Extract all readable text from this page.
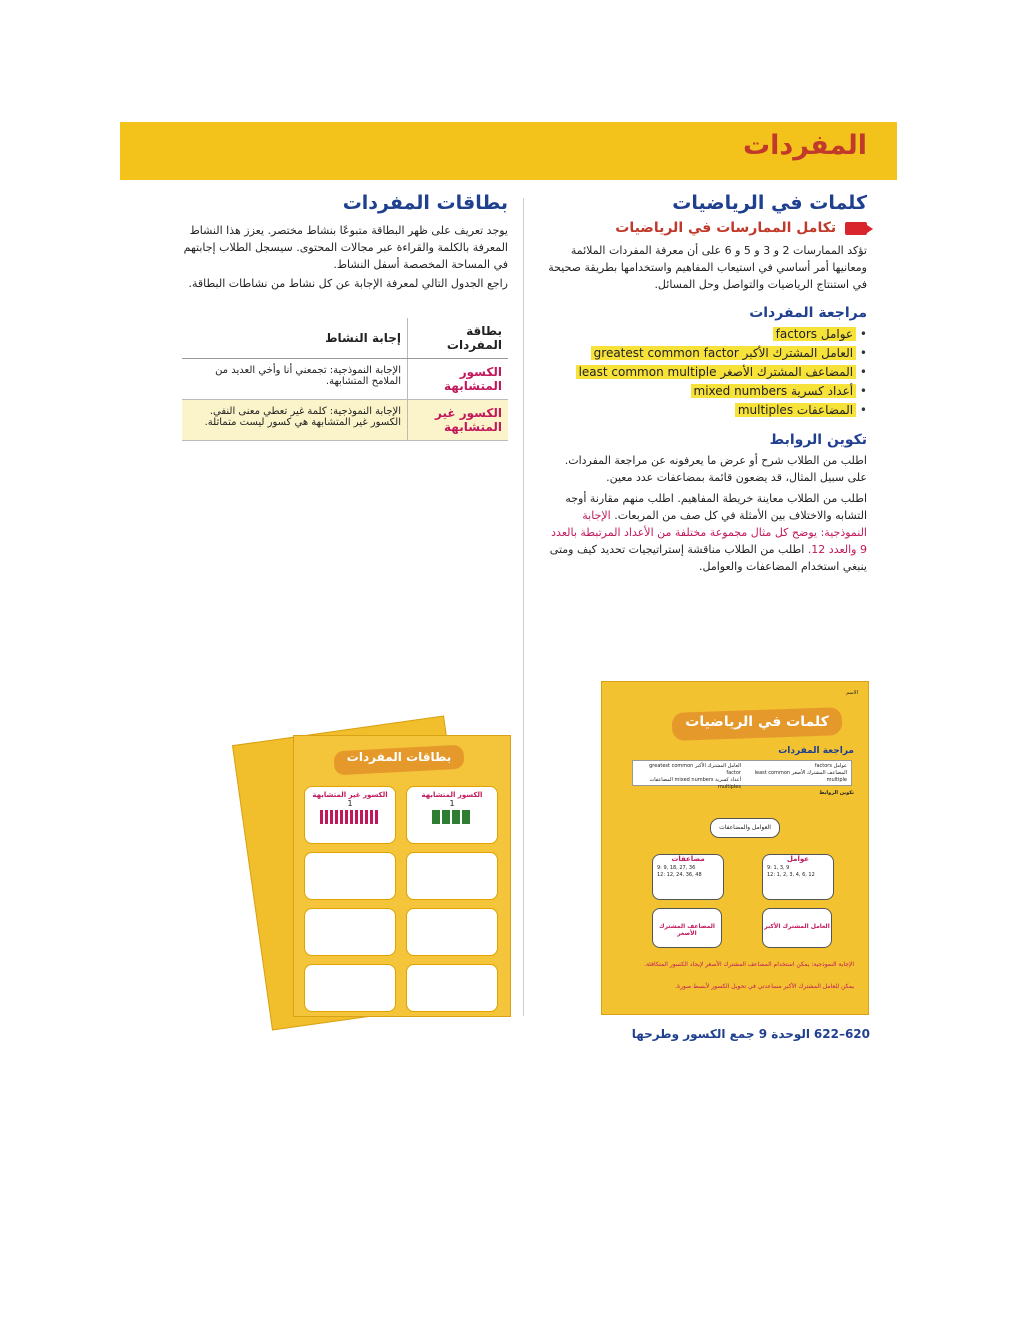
المفردات
كلمات في الرياضيات
تكامل الممارسات في الرياضيات
تؤكد الممارسات 2 و 3 و 5 و 6 على أن معرفة المفردات الملائمة ومعانيها أمر أساسي في استيعاب المفاهيم واستخدامها بطريقة صحيحة في استنتاج الرياضيات والتواصل وحل المسائل.
مراجعة المفردات
• عوامل factors
• العامل المشترك الأكبر greatest common factor
• المضاعف المشترك الأصغر least common multiple
• أعداد كسرية mixed numbers
• المضاعفات multiples
تكوين الروابط
اطلب من الطلاب شرح أو عرض ما يعرفونه عن مراجعة المفردات. على سبيل المثال، قد يضعون قائمة بمضاعفات عدد معين.
اطلب من الطلاب معاينة خريطة المفاهيم. اطلب منهم مقارنة أوجه التشابه والاختلاف بين الأمثلة في كل صف من المربعات. الإجابة النموذجية: يوضح كل مثال مجموعة مختلفة من الأعداد المرتبطة بالعدد 9 والعدد 12. اطلب من الطلاب مناقشة إستراتيجيات تحديد كيف ومتى ينبغي استخدام المضاعفات والعوامل.
بطاقات المفردات
يوجد تعريف على ظهر البطاقة متبوعًا بنشاط مختصر. يعزز هذا النشاط المعرفة بالكلمة والقراءة عبر مجالات المحتوى. سيسجل الطلاب إجابتهم في المساحة المخصصة أسفل النشاط.
راجع الجدول التالي لمعرفة الإجابة عن كل نشاط من نشاطات البطاقة.
بطاقة المفردات	إجابة النشاط
الكسور المتشابهة	الإجابة النموذجية: تجمعني أنا وأخي العديد من الملامح المتشابهة.
الكسور غير المتشابهة	الإجابة النموذجية: كلمة غير تعطي معنى النفي. الكسور غير المتشابهة هي كسور ليست متماثلة.
بطاقات المفردات
الكسور غير المتشابهة
1
الكسور المتشابهة
1
الاسم
كلمات في الرياضيات
مراجعة المفردات
عوامل factors
المضاعف المشترك الأصغر least common multiple
العامل المشترك الأكبر greatest common factor
أعداد كسرية mixed numbers المضاعفات multiples
تكوين الروابط
العوامل والمضاعفات
مضاعفات
9: 9, 18, 27, 36
12: 12, 24, 36, 48
عوامل
9: 1, 3, 9
12: 1, 2, 3, 4, 6, 12
المضاعف المشترك الأصغر
العامل المشترك الأكبر
الإجابة النموذجية: يمكن استخدام المضاعف المشترك الأصغر لإيجاد الكسور المتكافئة.
يمكن للعامل المشترك الأكبر مساعدتي في تحويل الكسور لأبسط صورة.
620–622 الوحدة 9 جمع الكسور وطرحها
